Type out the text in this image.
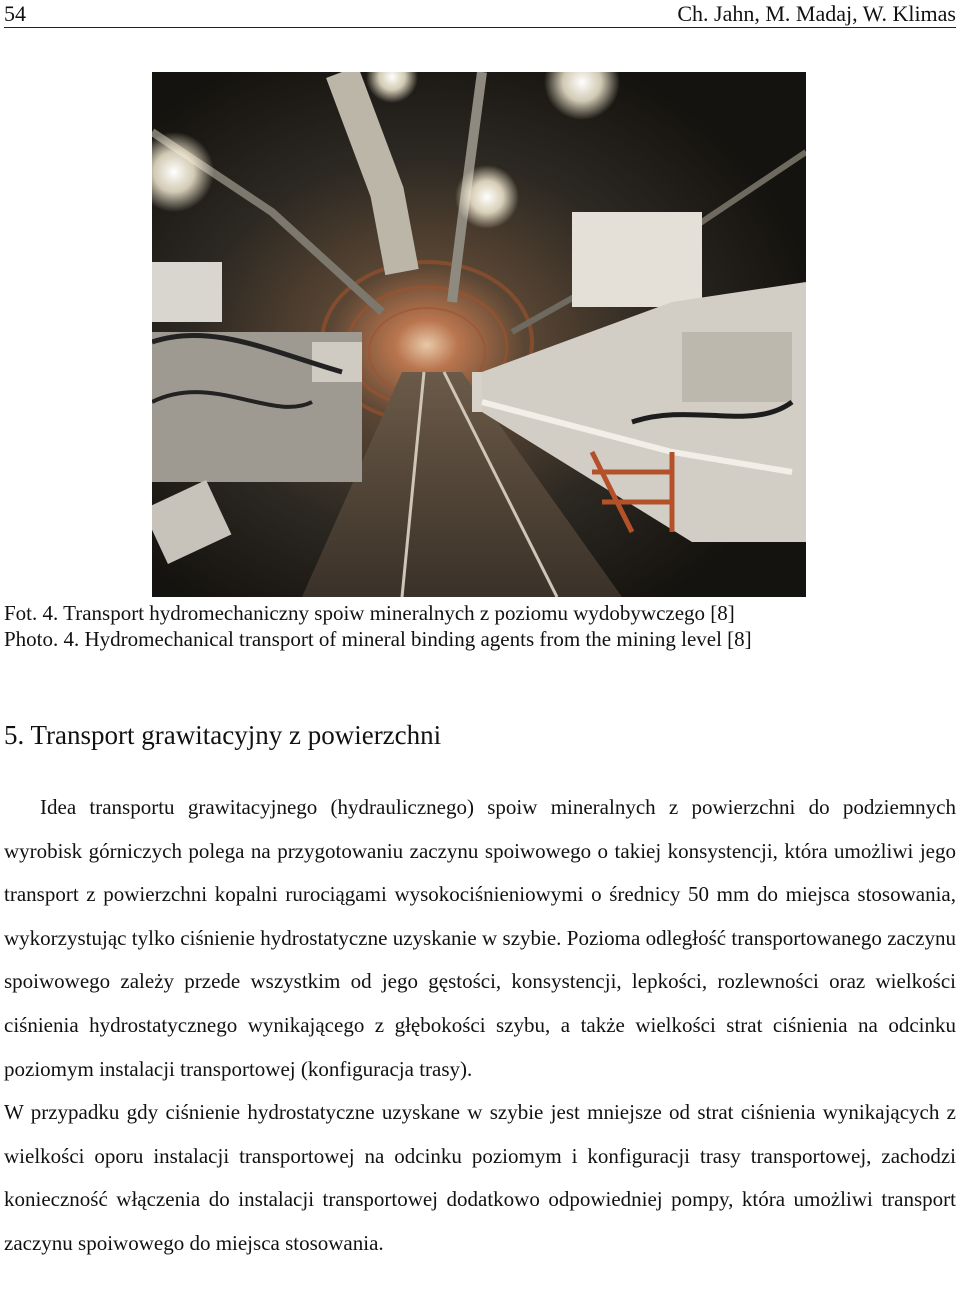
54	Ch. Jahn, M. Madaj, W. Klimas
Fot. 4. Transport hydromechaniczny spoiw mineralnych z poziomu wydobywczego [8]
Photo. 4. Hydromechanical transport of mineral binding agents from the mining level [8]
5. Transport grawitacyjny z powierzchni

Idea transportu grawitacyjnego (hydraulicznego) spoiw mineralnych z powierzchni do podziemnych wyrobisk górniczych polega na przygotowaniu zaczynu spoiwowego o takiej konsystencji, która umożliwi jego transport z powierzchni kopalni rurociągami wysokociśnieniowymi o średnicy 50 mm do miejsca stosowania, wykorzystując tylko ciśnienie hydrostatyczne uzyskanie w szybie. Pozioma odległość transportowanego zaczynu spoiwowego zależy przede wszystkim od jego gęstości, konsystencji, lepkości, rozlewności oraz wielkości ciśnienia hydrostatycznego wynikającego z głębokości szybu, a także wielkości strat ciśnienia na odcinku poziomym instalacji transportowej (konfiguracja trasy).

W przypadku gdy ciśnienie hydrostatyczne uzyskane w szybie jest mniejsze od strat ciśnienia wynikających z wielkości oporu instalacji transportowej na odcinku poziomym i konfiguracji trasy transportowej, zachodzi konieczność włączenia do instalacji transportowej dodatkowo odpowiedniej pompy, która umożliwi transport zaczynu spoiwowego do miejsca stosowania.
